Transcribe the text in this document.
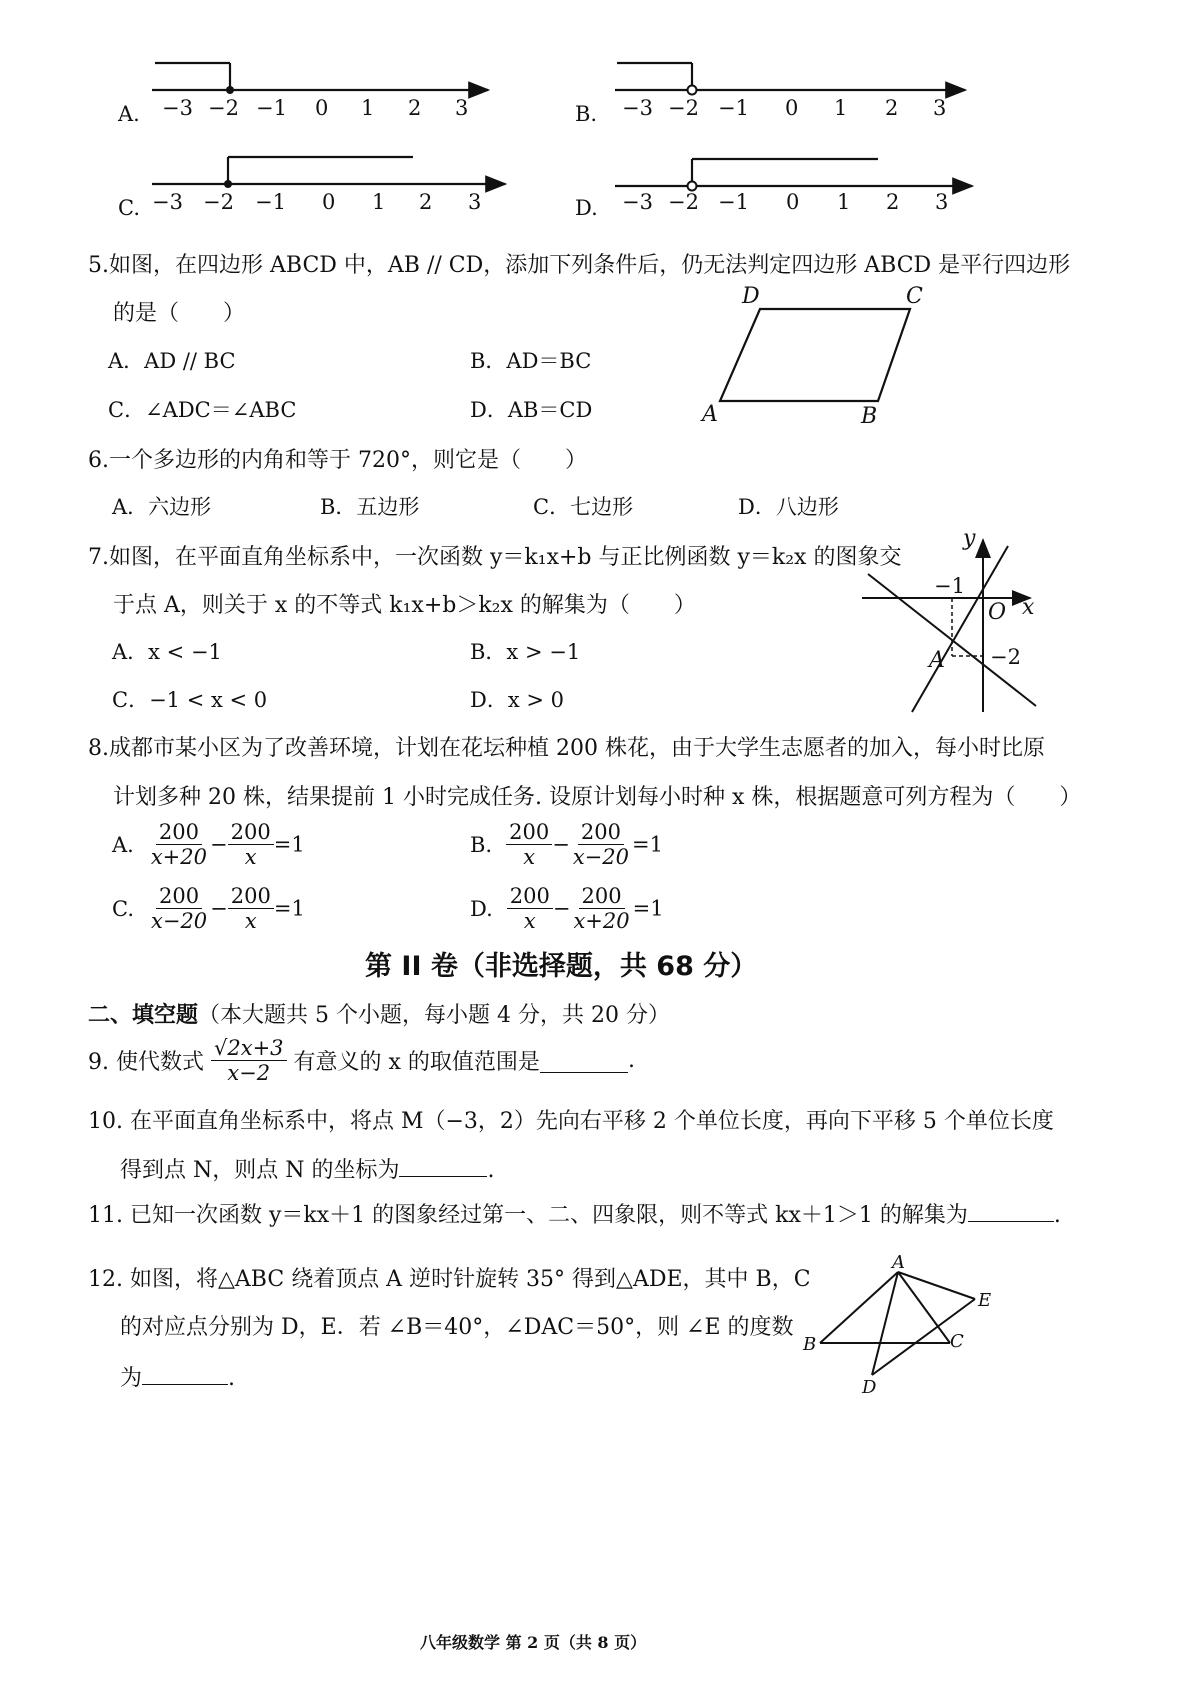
A.	B.
C.	D.
−3 −2 −1 0 1 2 3	−3 −2 −1 0 1 2 3
−3 −2 −1 0 1 2 3	−3 −2 −1 0 1 2 3
5.如图，在四边形 ABCD 中，AB // CD，添加下列条件后，仍无法判定四边形 ABCD 是平行四边形
的是（　　）
A．AD // BC	B．AD＝BC
C．∠ADC＝∠ABC	D．AB＝CD
D	C
A	B
6.一个多边形的内角和等于 720°，则它是（　　）
A．六边形	B．五边形	C．七边形	D．八边形
7.如图，在平面直角坐标系中，一次函数 y＝k₁x+b 与正比例函数 y＝k₂x 的图象交
于点 A，则关于 x 的不等式 k₁x+b＞k₂x 的解集为（　　）
A．x < −1	B．x > −1
C．−1 < x < 0	D．x > 0
y
x
O
−1
−2
A
8.成都市某小区为了改善环境，计划在花坛种植 200 株花，由于大学生志愿者的加入，每小时比原
计划多种 20 株，结果提前 1 小时完成任务. 设原计划每小时种 x 株，根据题意可列方程为（　　）
A. $\frac{200}{x+20} - \frac{200}{x} =1$	B. $\frac{200}{x} - \frac{200}{x-20} =1$
C. $\frac{200}{x-20} - \frac{200}{x} =1$	D. $\frac{200}{x} - \frac{200}{x+20} =1$
第 II 卷（非选择题，共 68 分）
二、填空题（本大题共 5 个小题，每小题 4 分，共 20 分）
9. 使代数式 $\frac{√2x+3}{x-2}$ 有意义的 x 的取值范围是	.
10. 在平面直角坐标系中，将点 M（−3，2）先向右平移 2 个单位长度，再向下平移 5 个单位长度
得到点 N，则点 N 的坐标为	.
11. 已知一次函数 y＝kx＋1 的图象经过第一、二、四象限，则不等式 kx＋1＞1 的解集为	.
12. 如图，将△ABC 绕着顶点 A 逆时针旋转 35° 得到△ADE，其中 B，C
的对应点分别为 D，E．若 ∠B＝40°，∠DAC＝50°，则 ∠E 的度数
为	.
A
E
B	C
D
八年级数学 第 2 页（共 8 页）
